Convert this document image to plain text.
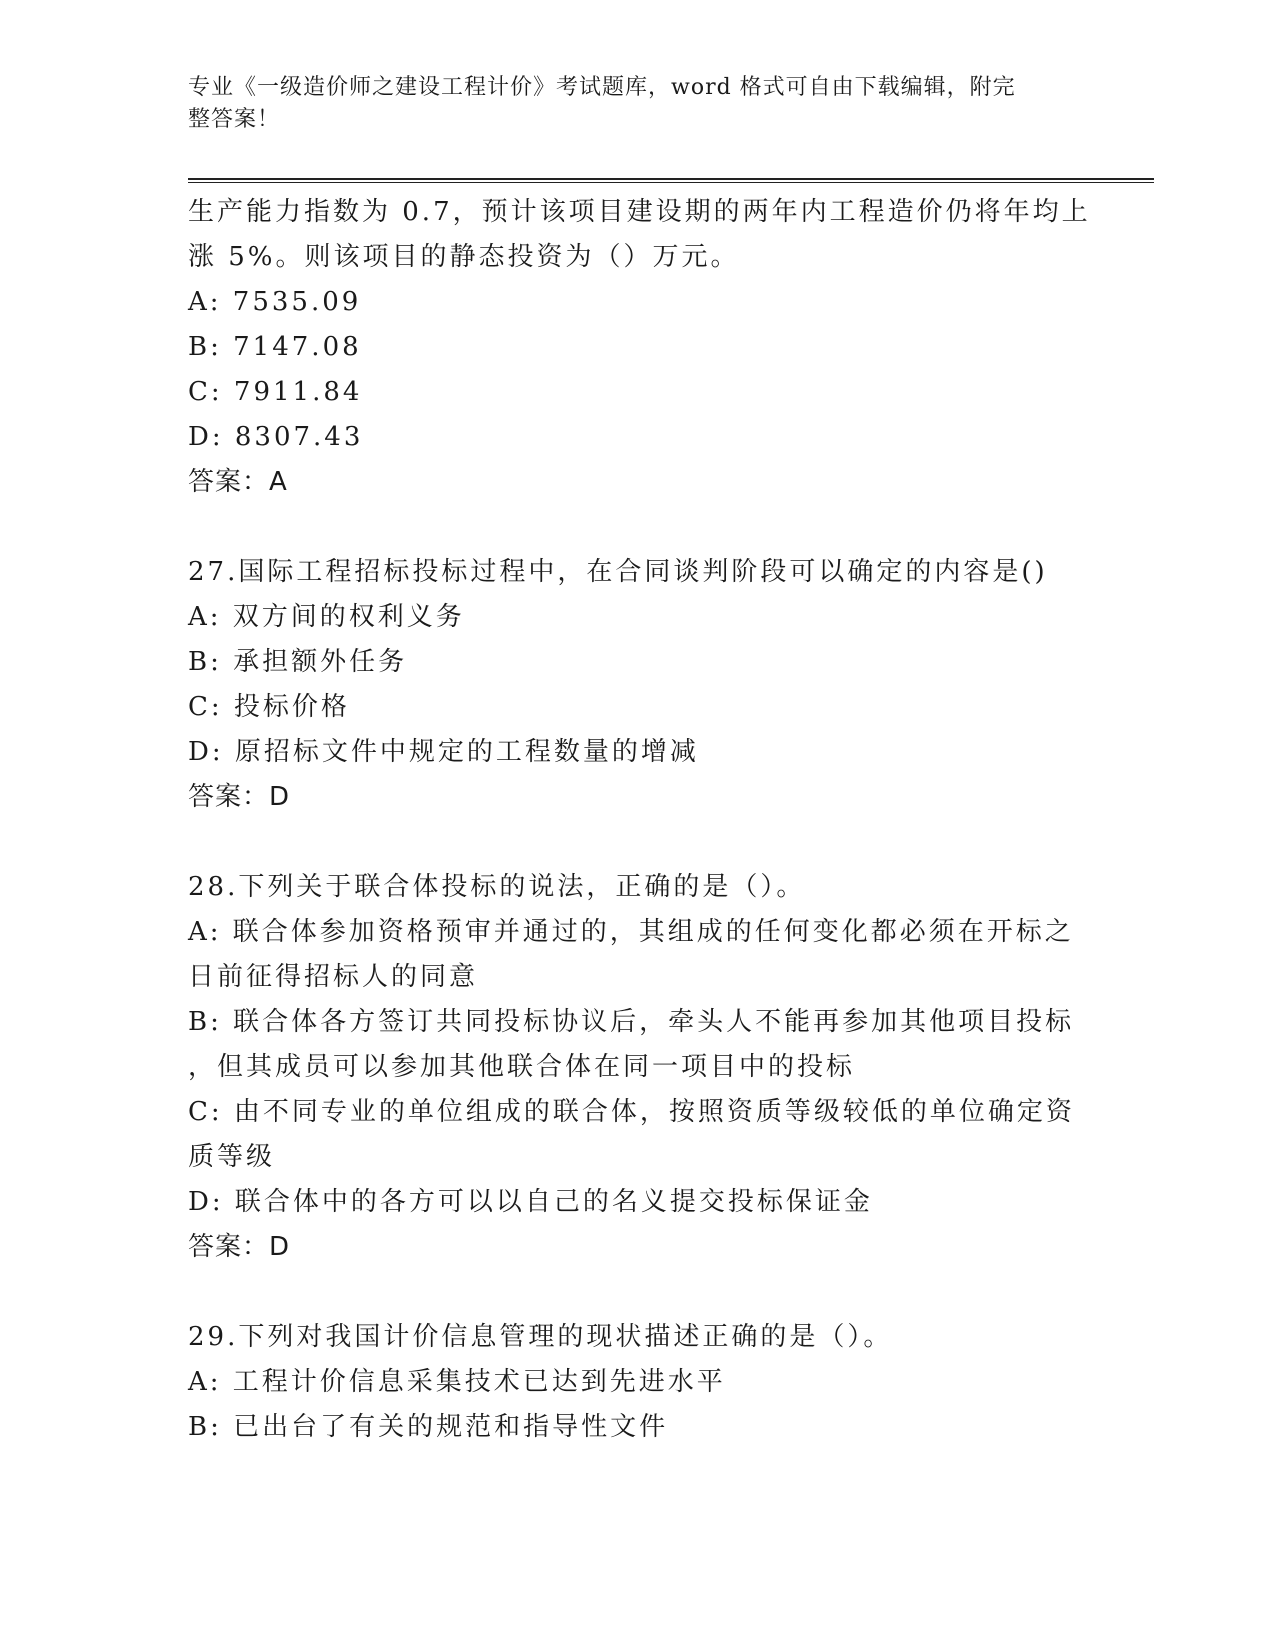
专业《一级造价师之建设工程计价》考试题库，word 格式可自由下载编辑，附完
整答案！
生产能力指数为 0.7，预计该项目建设期的两年内工程造价仍将年均上
涨 5%。则该项目的静态投资为（）万元。
A: 7535.09
B: 7147.08
C: 7911.84
D: 8307.43
答案：A
27.国际工程招标投标过程中，在合同谈判阶段可以确定的内容是()
A: 双方间的权利义务
B: 承担额外任务
C: 投标价格
D: 原招标文件中规定的工程数量的增减
答案：D
28.下列关于联合体投标的说法，正确的是（）。
A: 联合体参加资格预审并通过的，其组成的任何变化都必须在开标之
日前征得招标人的同意
B: 联合体各方签订共同投标协议后，牵头人不能再参加其他项目投标
，但其成员可以参加其他联合体在同一项目中的投标
C: 由不同专业的单位组成的联合体，按照资质等级较低的单位确定资
质等级
D: 联合体中的各方可以以自己的名义提交投标保证金
答案：D
29.下列对我国计价信息管理的现状描述正确的是（）。
A: 工程计价信息采集技术已达到先进水平
B: 已出台了有关的规范和指导性文件
